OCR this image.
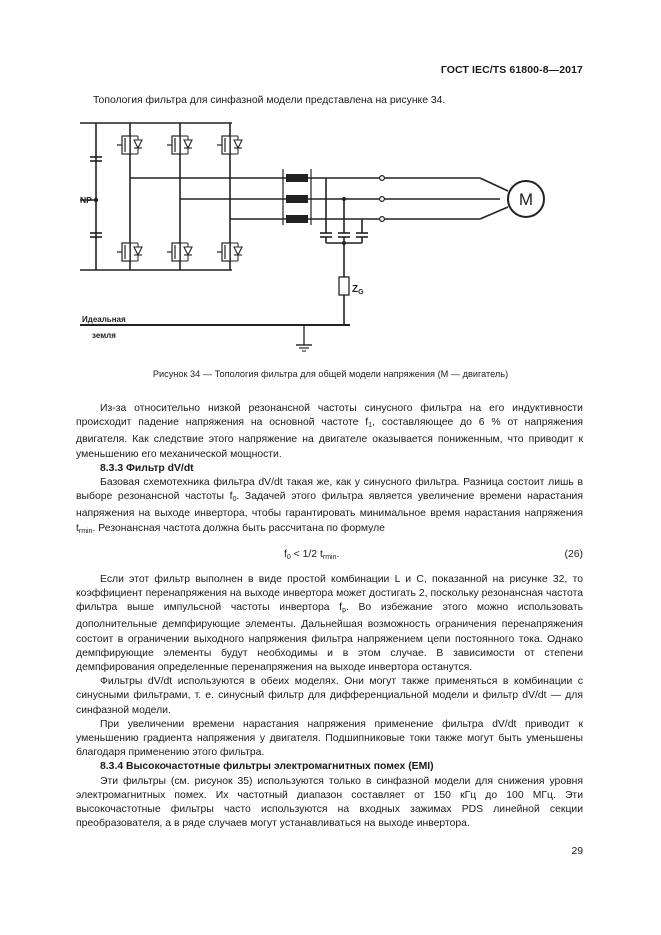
ГОСТ IEC/TS 61800-8—2017
Топология фильтра для синфазной модели представлена на рисунке 34.
NP
$Z_G$
M
Идеальная
земля
Рисунок 34 — Топология фильтра для общей модели напряжения (M — двигатель)

Из-за относительно низкой резонансной частоты синусного фильтра на его индуктивности происходит падение напряжения на основной частоте $f_1$, составляющее до 6 % от напряжения двигателя. Как следствие этого напряжение на двигателе оказывается пониженным, что приводит к уменьшению его механической мощности.

8.3.3 Фильтр dV/dt

Базовая схемотехника фильтра dV/dt такая же, как у синусного фильтра. Разница состоит лишь в выборе резонансной частоты $f_0$. Задачей этого фильтра является увеличение времени нарастания напряжения на выходе инвертора, чтобы гарантировать минимальное время нарастания напряжения $t_{rmin}$. Резонансная частота должна быть рассчитана по формуле

$f_0 < 1/2$ $t_{rmin}$.	(26)

Если этот фильтр выполнен в виде простой комбинации L и C, показанной на рисунке 32, то коэффициент перенапряжения на выходе инвертора может достигать 2, поскольку резонансная частота фильтра выше импульсной частоты инвертора $f_p$. Во избежание этого можно использовать дополнительные демпфирующие элементы. Дальнейшая возможность ограничения перенапряжения состоит в ограничении выходного напряжения фильтра напряжением цепи постоянного тока. Однако демпфирующие элементы будут необходимы и в этом случае. В зависимости от степени демпфирования определенные перенапряжения на выходе инвертора останутся.

Фильтры dV/dt используются в обеих моделях. Они могут также применяться в комбинации с синусными фильтрами, т. е. синусный фильтр для дифференциальной модели и фильтр dV/dt — для синфазной модели.

При увеличении времени нарастания напряжения применение фильтра dV/dt приводит к уменьшению градиента напряжения у двигателя. Подшипниковые токи также могут быть уменьшены благодаря применению этого фильтра.

8.3.4 Высокочастотные фильтры электромагнитных помех (EMI)

Эти фильтры (см. рисунок 35) используются только в синфазной модели для снижения уровня электромагнитных помех. Их частотный диапазон составляет от 150 кГц до 100 МГц. Эти высокочастотные фильтры часто используются на входных зажимах PDS линейной секции преобразователя, а в ряде случаев могут устанавливаться на выходе инвертора.

29
